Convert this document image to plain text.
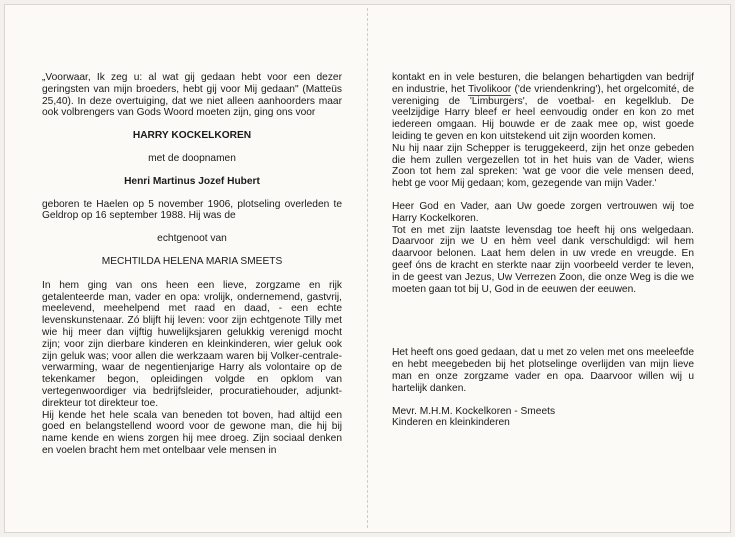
„Voorwaar, Ik zeg u: al wat gij gedaan hebt voor een dezer geringsten van mijn broeders, hebt gij voor Mij gedaan" (Matteüs 25,40). In deze overtuiging, dat we niet alleen aanhoorders maar ook volbrengers van Gods Woord moeten zijn, ging ons voor

HARRY KOCKELKOREN

met de doopnamen

Henri Martinus Jozef Hubert

geboren te Haelen op 5 november 1906, plotseling overleden te Geldrop op 16 september 1988. Hij was de

echtgenoot van

MECHTILDA HELENA MARIA SMEETS

In hem ging van ons heen een lieve, zorgzame en rijk getalenteerde man, vader en opa: vrolijk, ondernemend, gastvrij, meelevend, meehelpend met raad en daad, - een echte levenskunstenaar. Zó blijft hij leven: voor zijn echtgenote Tilly met wie hij meer dan vijftig huwelijksjaren gelukkig verenigd mocht zijn; voor zijn dierbare kinderen en kleinkinderen, wier geluk ook zijn geluk was; voor allen die werkzaam waren bij Volker-centrale-verwarming, waar de negentienjarige Harry als volontaire op de tekenkamer begon, opleidingen volgde en opklom van vertegenwoordiger via bedrijfsleider, procuratiehouder, adjunkt-direkteur tot direkteur toe.

Hij kende het hele scala van beneden tot boven, had altijd een goed en belangstellend woord voor de gewone man, die hij bij name kende en wiens zorgen hij mee droeg. Zijn sociaal denken en voelen bracht hem met ontelbaar vele mensen in

kontakt en in vele besturen, die belangen behartigden van bedrijf en industrie, het Tivolikoor ('de vriendenkring'), het orgelcomité, de vereniging de 'Limburgers', de voetbal- en kegelklub. De veelzijdige Harry bleef er heel eenvoudig onder en kon zo met iedereen omgaan. Hij bouwde er de zaak mee op, wist goede leiding te geven en kon uitstekend uit zijn woorden komen.

Nu hij naar zijn Schepper is teruggekeerd, zijn het onze gebeden die hem zullen vergezellen tot in het huis van de Vader, wiens Zoon tot hem zal spreken: 'wat ge voor die vele mensen deed, hebt ge voor Mij gedaan; kom, gezegende van mijn Vader.'

Heer God en Vader, aan Uw goede zorgen vertrouwen wij toe Harry Kockelkoren.

Tot en met zijn laatste levensdag toe heeft hij ons welgedaan. Daarvoor zijn we U en hèm veel dank verschuldigd: wil hem daarvoor belonen. Laat hem delen in uw vrede en vreugde. En geef óns de kracht en sterkte naar zijn voorbeeld verder te leven, in de geest van Jezus, Uw Verrezen Zoon, die onze Weg is die we moeten gaan tot bij U, God in de eeuwen der eeuwen.

Het heeft ons goed gedaan, dat u met zo velen met ons meeleefde en hebt meegebeden bij het plotselinge overlijden van mijn lieve man en onze zorgzame vader en opa. Daarvoor willen wij u hartelijk danken.

Mevr. M.H.M. Kockelkoren - Smeets

Kinderen en kleinkinderen
